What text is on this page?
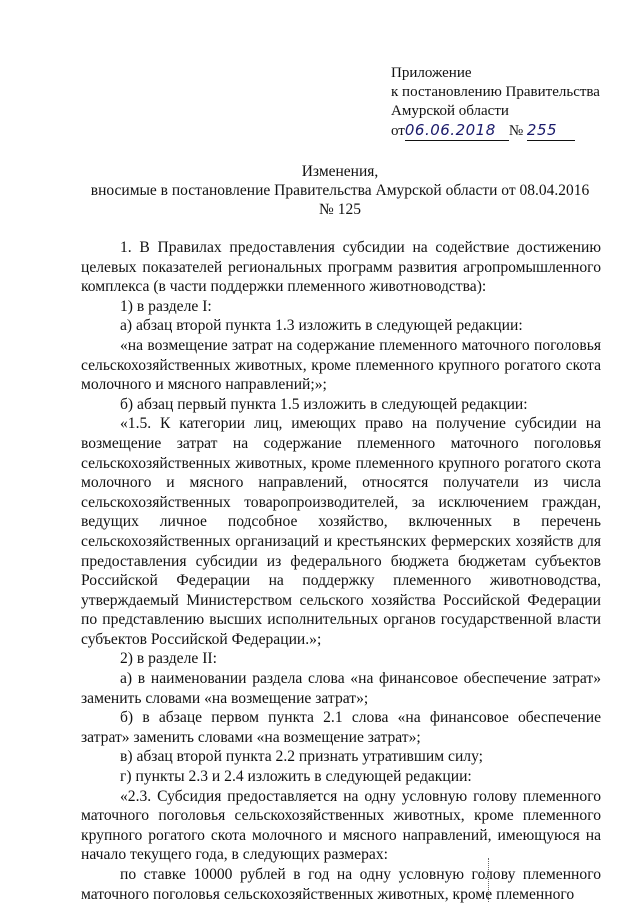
Приложение
к постановлению Правительства
Амурской области
от06.06.2018 № 255
Изменения,
вносимые в постановление Правительства Амурской области от 08.04.2016
№ 125

1. В Правилах предоставления субсидии на содействие достижению целевых показателей региональных программ развития агропромышленного комплекса (в части поддержки племенного животноводства):

1) в разделе I:

а) абзац второй пункта 1.3 изложить в следующей редакции:

«на возмещение затрат на содержание племенного маточного поголовья сельскохозяйственных животных, кроме племенного крупного рогатого скота молочного и мясного направлений;»;

б) абзац первый пункта 1.5 изложить в следующей редакции:

«1.5. К категории лиц, имеющих право на получение субсидии на возмещение затрат на содержание племенного маточного поголовья сельскохозяйственных животных, кроме племенного крупного рогатого скота молочного и мясного направлений, относятся получатели из числа сельскохозяйственных товаропроизводителей, за исключением граждан, ведущих личное подсобное хозяйство, включенных в перечень сельскохозяйственных организаций и крестьянских фермерских хозяйств для предоставления субсидии из федерального бюджета бюджетам субъектов Российской Федерации на поддержку племенного животноводства, утверждаемый Министерством сельского хозяйства Российской Федерации по представлению высших исполнительных органов государственной власти субъектов Российской Федерации.»;

2) в разделе II:

а) в наименовании раздела слова «на финансовое обеспечение затрат» заменить словами «на возмещение затрат»;

б) в абзаце первом пункта 2.1 слова «на финансовое обеспечение затрат» заменить словами «на возмещение затрат»;

в) абзац второй пункта 2.2 признать утратившим силу;

г) пункты 2.3 и 2.4 изложить в следующей редакции:

«2.3. Субсидия предоставляется на одну условную голову племенного маточного поголовья сельскохозяйственных животных, кроме племенного крупного рогатого скота молочного и мясного направлений, имеющуюся на начало текущего года, в следующих размерах:

по ставке 10000 рублей в год на одну условную голову племенного маточного поголовья сельскохозяйственных животных, кроме племенного
